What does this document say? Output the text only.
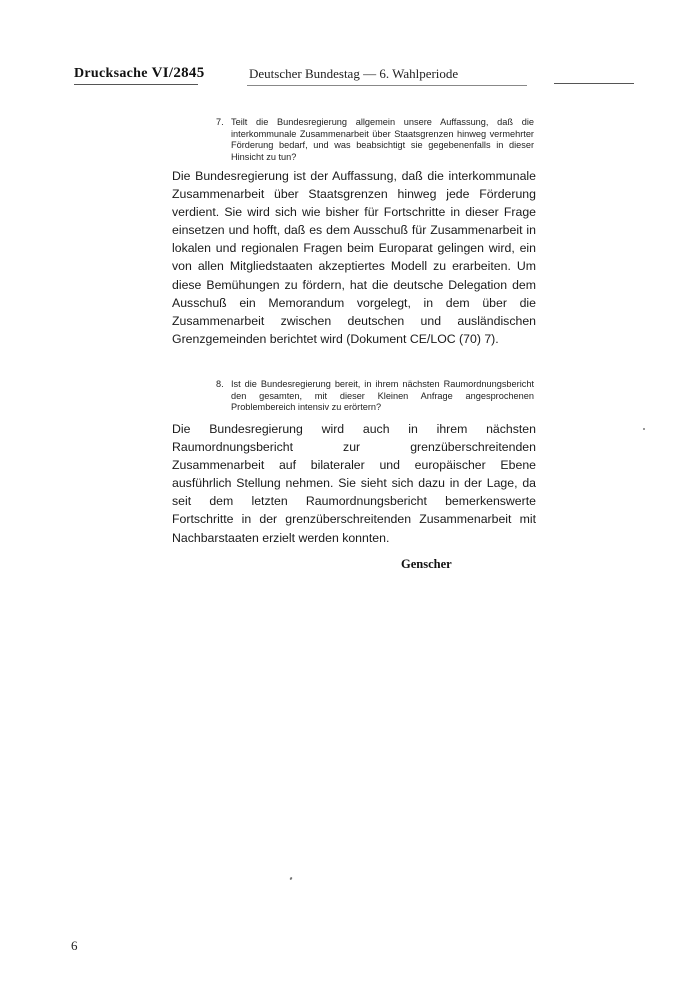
Drucksache VI/2845	Deutscher Bundestag — 6. Wahlperiode
7. Teilt die Bundesregierung allgemein unsere Auffassung, daß die interkommunale Zusammenarbeit über Staatsgrenzen hinweg vermehrter Förderung bedarf, und was beabsichtigt sie gegebenenfalls in dieser Hinsicht zu tun?

Die Bundesregierung ist der Auffassung, daß die interkommunale Zusammenarbeit über Staatsgrenzen hinweg jede Förderung verdient. Sie wird sich wie bisher für Fortschritte in dieser Frage einsetzen und hofft, daß es dem Ausschuß für Zusammenarbeit in lokalen und regionalen Fragen beim Europarat gelingen wird, ein von allen Mitgliedstaaten akzeptiertes Modell zu erarbeiten. Um diese Bemühungen zu fördern, hat die deutsche Delegation dem Ausschuß ein Memorandum vorgelegt, in dem über die Zusammenarbeit zwischen deutschen und ausländischen Grenzgemeinden berichtet wird (Dokument CE/LOC (70) 7).

8. Ist die Bundesregierung bereit, in ihrem nächsten Raumordnungsbericht den gesamten, mit dieser Kleinen Anfrage angesprochenen Problembereich intensiv zu erörtern?

Die Bundesregierung wird auch in ihrem nächsten Raumordnungsbericht zur grenzüberschreitenden Zusammenarbeit auf bilateraler und europäischer Ebene ausführlich Stellung nehmen. Sie sieht sich dazu in der Lage, da seit dem letzten Raumordnungsbericht bemerkenswerte Fortschritte in der grenzüberschreitenden Zusammenarbeit mit Nachbarstaaten erzielt werden konnten.

Genscher
6
